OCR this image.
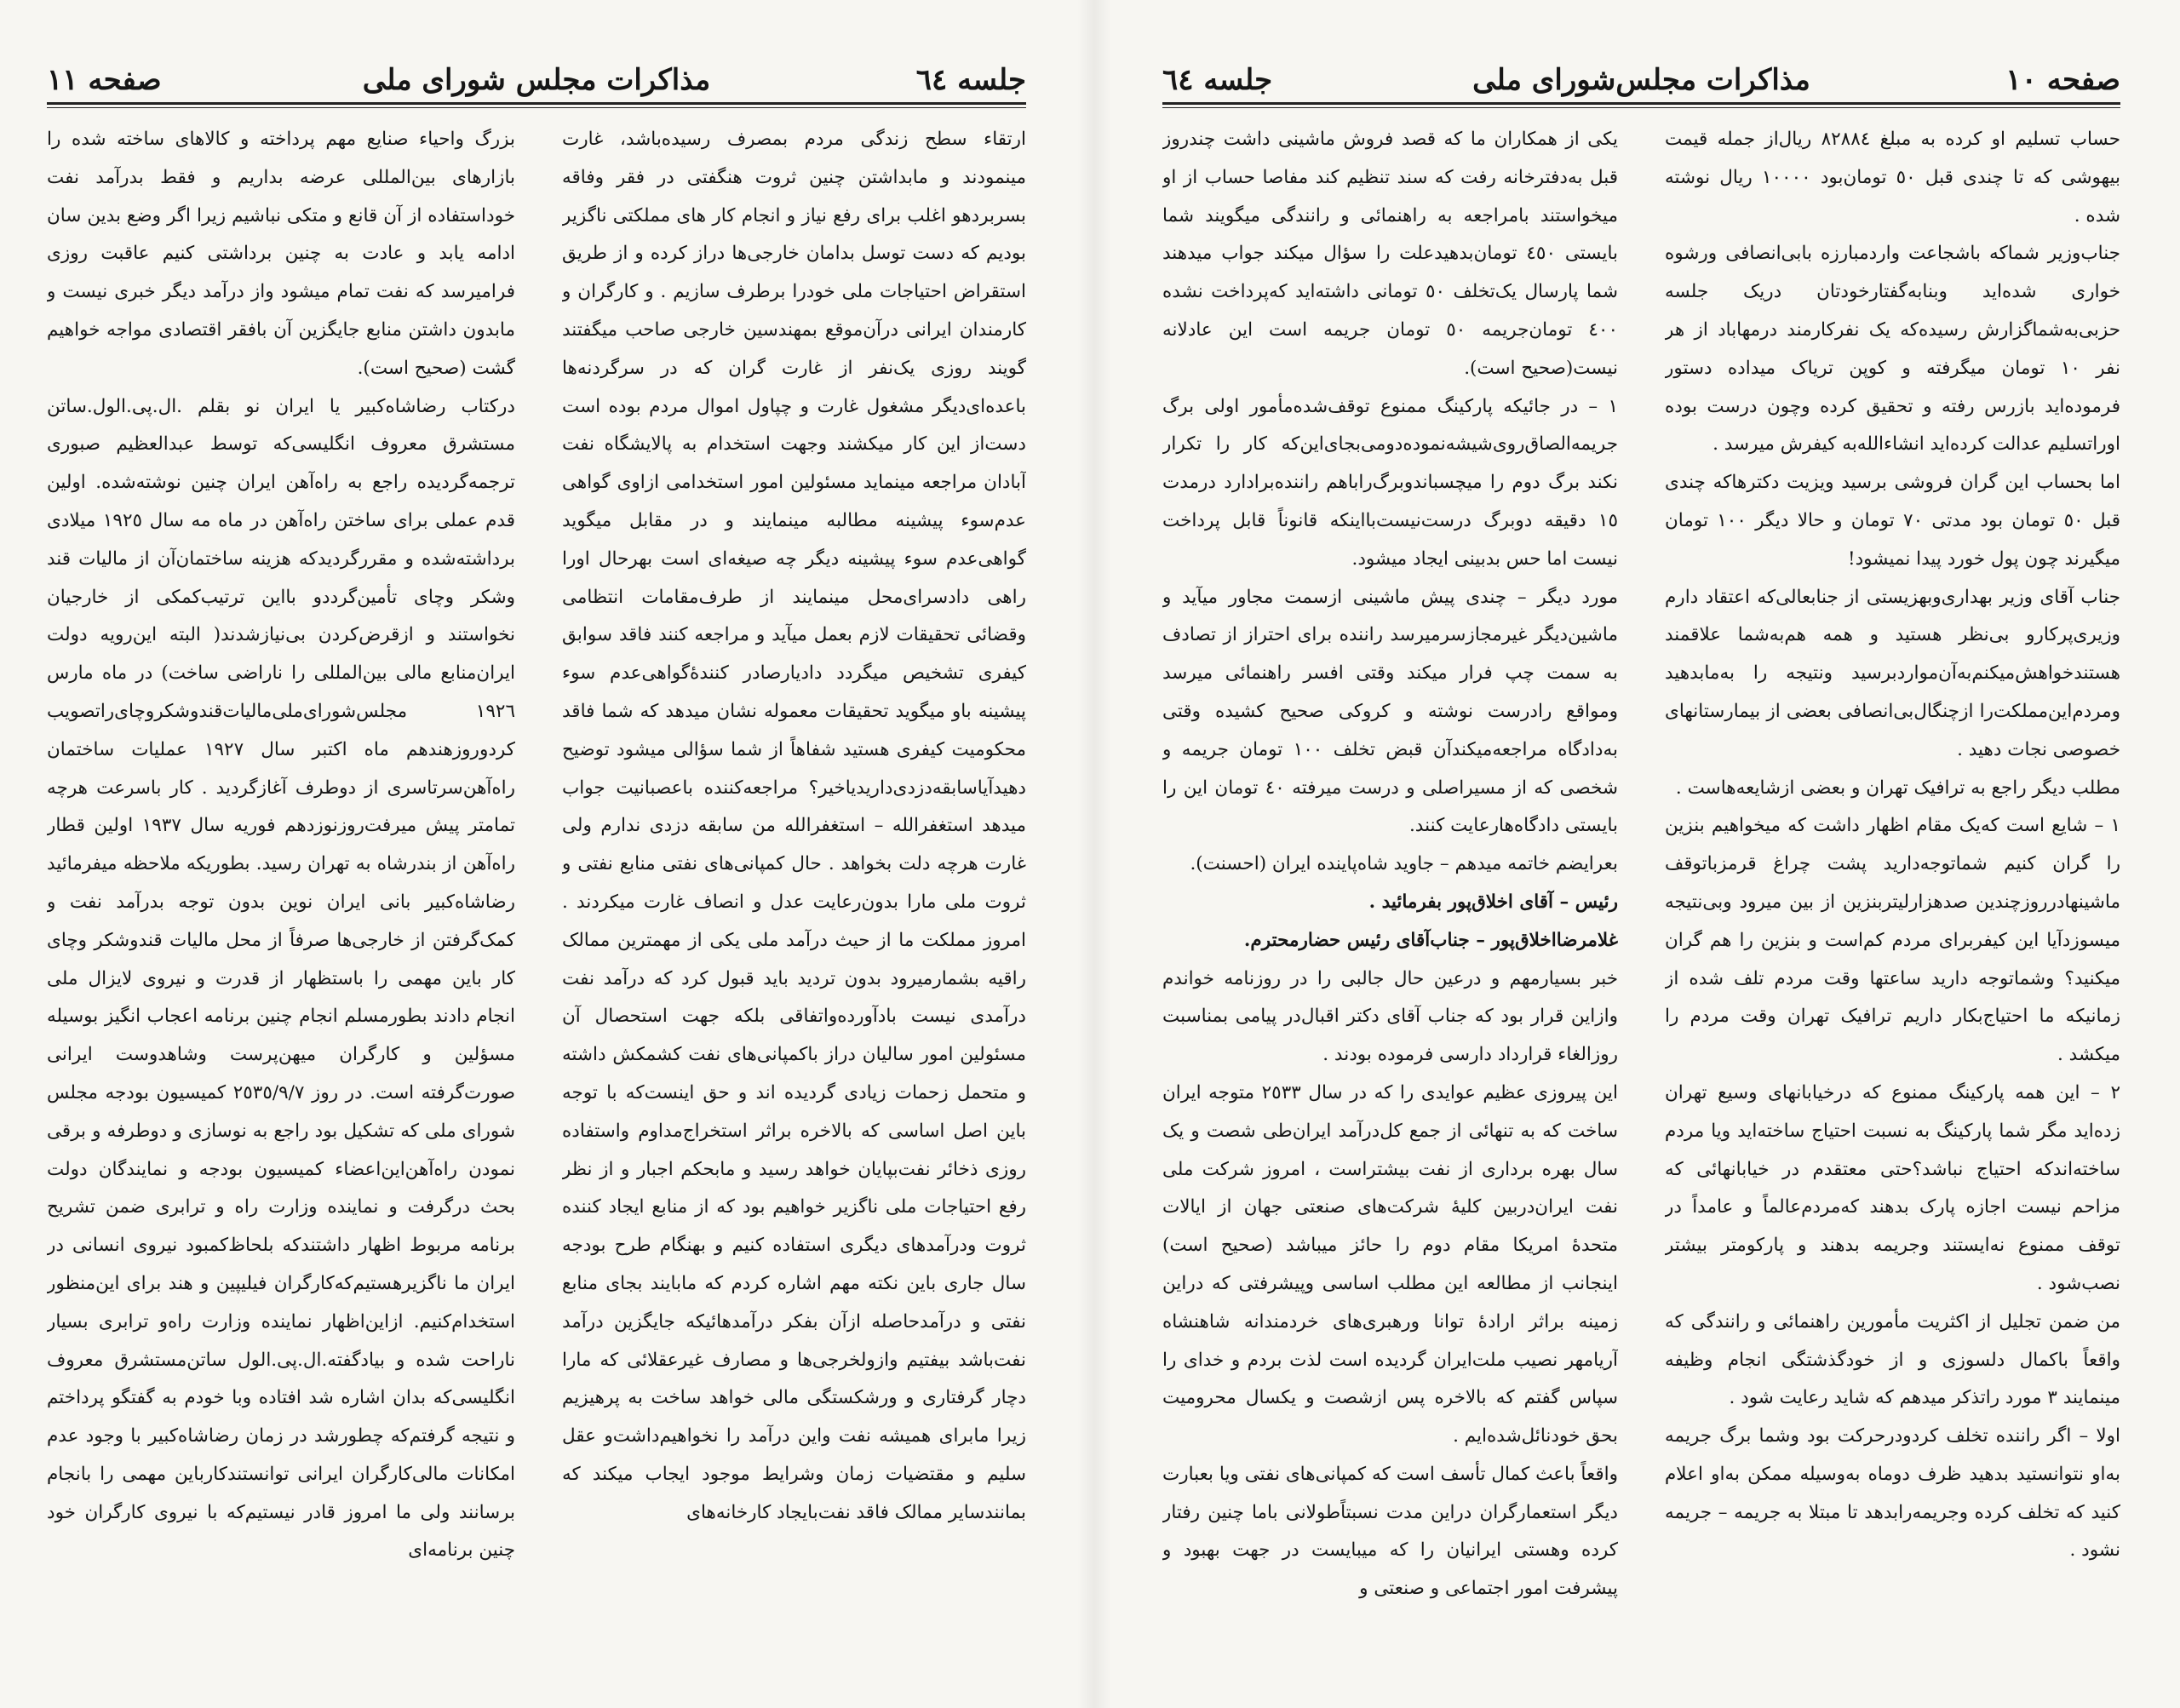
صفحه ۱۰
مذاکرات مجلس‌شورای ملی
جلسه ٦٤

حساب تسلیم او کرده به مبلغ ٨٢٨٨٤ ریال‌از جمله قیمت بیهوشی که تا چندی قبل ٥٠ تومان‌بود ١٠٠٠٠ ریال نوشته شده .

جناب‌وزیر شماکه باشجاعت واردمبارزه بابی‌انصافی ورشوه خواری شده‌اید وبنابه‌گفتارخودتان دریک جلسه حزبی‌به‌شماگزارش رسیده‌که یک نفرکارمند درمهاباد از هر نفر ١٠ تومان میگرفته و کوپن تریاک میداده دستور فرموده‌اید بازرس رفته و تحقیق کرده وچون درست بوده اوراتسلیم عدالت کرده‌اید انشاءالله‌به کیفرش میرسد .

اما بحساب این گران فروشی برسید ویزیت دکترهاکه چندی قبل ٥٠ تومان بود مدتی ٧٠ تومان و حالا دیگر ١٠٠ تومان میگیرند چون پول خورد پیدا نمیشود!

جناب آقای وزیر بهداری‌وبهزیستی از جنابعالی‌که اعتقاد دارم وزیری‌پرکارو بی‌نظر هستید و همه هم‌به‌شما علاقمند هستندخواهش‌میکنم‌به‌آن‌موارد‌برسید ونتیجه را به‌مابدهید ومردم‌این‌مملکت‌را ازچنگال‌بی‌انصافی بعضی از بیمارستانهای خصوصی نجات دهید .

مطلب دیگر راجع به ترافیک تهران و بعضی ازشایعه‌هاست .

١ – شایع است که‌یک مقام اظهار داشت که میخواهیم بنزین را گران کنیم شماتوجه‌دارید پشت چراغ قرمزباتوقف ماشینهادرروزچندین صدهزارلیتربنزین از بین میرود وبی‌نتیجه میسوزدآیا این کیفربرای مردم کم‌است و بنزین را هم گران میکنید؟ وشماتوجه دارید ساعتها وقت مردم تلف شده از زمانیکه ما احتیاج‌بکار داریم ترافیک تهران وقت مردم را میکشد .

٢ – این همه پارکینگ ممنوع که درخیابانهای وسیع تهران زده‌اید مگر شما پارکینگ به نسبت احتیاج ساخته‌اید ویا مردم ساخته‌اندکه احتیاج نباشد؟حتی معتقدم در خیابانهائی که مزاحم نیست اجازه پارک بدهند که‌مردم‌عالماً و عامداً در توقف ممنوع نه‌ایستند وجریمه بدهند و پارکومتر بیشتر نصب‌شود .

من ضمن تجلیل از اکثریت مأمورین راهنمائی و رانندگی که واقعاً باکمال دلسوزی و از خودگذشتگی انجام وظیفه مینمایند ٣ مورد راتذکر میدهم که شاید رعایت شود .

اولا – اگر راننده تخلف کردودرحرکت بود وشما برگ جریمه به‌او نتوانستید بدهید ظرف دوماه به‌وسیله ممکن به‌او اعلام کنید که تخلف کرده وجریمه‌رابدهد تا مبتلا به جریمه – جریمه نشود .

یکی از همکاران ما که قصد فروش ماشینی داشت چندروز قبل به‌دفترخانه رفت که سند تنظیم کند مفاصا حساب از او میخواستند بامراجعه به راهنمائی و رانندگی میگویند شما بایستی ٤٥٠ تومان‌بدهیدعلت را سؤال میکند جواب میدهند شما پارسال یک‌تخلف ٥٠ تومانی داشته‌اید که‌پرداخت نشده ٤٠٠ تومان‌جریمه ٥٠ تومان جریمه است این عادلانه نیست(صحیح است).

١ – در جائیکه پارکینگ ممنوع توقف‌شده‌مأمور اولی برگ جریمه‌الصاق‌روی‌شیشه‌نموده‌دومی‌بجای‌این‌که کار را تکرار نکند برگ دوم را میچسباندوبرگ‌راباهم راننده‌برادارد درمدت ١٥ دقیقه دوبرگ درست‌نیست‌بااینکه قانوناً قابل پرداخت نیست اما حس بدبینی ایجاد میشود.

مورد دیگر – چندی پیش ماشینی ازسمت مجاور میآید و ماشین‌دیگر غیرمجازسرمیرسد راننده برای احتراز از تصادف به سمت چپ فرار میکند وقتی افسر راهنمائی میرسد ومواقع رادرست نوشته و کروکی صحیح کشیده وقتی به‌دادگاه مراجعه‌میکندآن قبض تخلف ١٠٠ تومان جریمه و شخصی که از مسیراصلی و درست میرفته ٤٠ تومان این را بایستی دادگاه‌هارعایت کنند.

بعرایضم خاتمه میدهم – جاوید شاه‌پاینده ایران (احسنت).

رئیس – آقای اخلاق‌پور بفرمائید .

غلامرضااخلاق‌پور – جناب‌آقای رئیس حضارمحترم.

خبر بسیارمهم و درعین حال جالبی را در روزنامه خواندم وازاین قرار بود که جناب آقای دکتر اقبال‌در پیامی بمناسبت روزالغاء قرارداد دارسی فرموده بودند .

این پیروزی عظیم عوایدی را که در سال ٢٥٣٣ متوجه ایران ساخت که به تنهائی از جمع کل‌درآمد ایران‌طی شصت و یک سال بهره برداری از نفت بیشتراست ، امروز شرکت ملی نفت ایران‌دربین کلیهٔ شرکت‌های صنعتی جهان از ایالات متحدهٔ امریکا مقام دوم را حائز میباشد (صحیح است) اینجانب از مطالعه این مطلب اساسی وپیشرفتی که دراین زمینه براثر ارادهٔ توانا ورهبری‌های خردمندانه شاهنشاه آریامهر نصیب ملت‌ایران گردیده است لذت بردم و خدای را سپاس گفتم که بالاخره پس ازشصت و یکسال محرومیت بحق خودنائل‌شده‌ایم .

واقعاً باعث کمال تأسف است که کمپانی‌های نفتی ویا بعبارت دیگر استعمارگران دراین مدت نسبتاًطولانی باما چنین رفتار کرده وهستی ایرانیان را که میبایست در جهت بهبود و پیشرفت امور اجتماعی و صنعتی و

جلسه ٦٤
مذاکرات مجلس شورای ملی
صفحه ۱۱

ارتقاء سطح زندگی مردم بمصرف رسیده‌باشد، غارت مینمودند و مابداشتن چنین ثروت هنگفتی در فقر وفاقه بسربردهو اغلب برای رفع نیاز و انجام کار های مملکتی ناگزیر بودیم که دست توسل بدامان خارجی‌ها دراز کرده و از طریق استقراض احتیاجات ملی خودرا برطرف سازیم . و کارگران و کارمندان ایرانی درآن‌موقع بمهندسین خارجی صاحب میگفتند گویند روزی یک‌نفر از غارت گران که در سرگردنه‌ها باعده‌ای‌دیگر مشغول غارت و چپاول اموال مردم بوده است دست‌از این کار میکشند وجهت استخدام به پالایشگاه نفت آبادان مراجعه مینماید مسئولین امور استخدامی ازاوی گواهی عدم‌سوء پیشینه مطالبه مینمایند و در مقابل میگوید گواهی‌عدم سوء پیشینه دیگر چه صیغه‌ای است بهرحال اورا راهی دادسرای‌محل مینمایند از طرف‌مقامات انتظامی وقضائی تحقیقات لازم بعمل میآید و مراجعه کنند فاقد سوابق کیفری تشخیص میگردد دادیارصادر کنندهٔ‌گواهی‌عدم سوء پیشینه باو میگوید تحقیقات معموله نشان میدهد که شما فاقد محکومیت کیفری هستید شفاهاً از شما سؤالی میشود توضیح دهیدآیاسابقه‌دزدی‌داریدیاخیر؟ مراجعه‌کننده باعصبانیت جواب میدهد استغفرالله – استغفرالله من سابقه دزدی ندارم ولی غارت هرچه دلت بخواهد . حال کمپانی‌های نفتی منابع نفتی و ثروت ملی مارا بدون‌رعایت عدل و انصاف غارت میکردند . امروز مملکت ما از حیث درآمد ملی یکی از مهمترین ممالک راقیه بشمارمیرود بدون تردید باید قبول کرد که درآمد نفت درآمدی نیست بادآورده‌واتفاقی بلکه جهت استحصال آن مسئولین امور سالیان دراز باکمپانی‌های نفت کشمکش داشته و متحمل زحمات زیادی گردیده اند و حق اینست‌که با توجه باین اصل اساسی که بالاخره براثر استخراج‌مداوم واستفاده روزی ذخائر نفت‌بپایان خواهد رسید و مابحکم اجبار و از نظر رفع احتیاجات ملی ناگزیر خواهیم بود که از منابع ایجاد کننده ثروت ودرآمدهای دیگری استفاده کنیم و بهنگام طرح بودجه سال جاری باین نکته مهم اشاره کردم که مابایند بجای منابع نفتی و درآمدحاصله ازآن بفکر درآمدهائیکه جایگزین درآمد نفت‌باشد بیفتیم وازولخرجی‌ها و مصارف غیرعقلائی که مارا دچار گرفتاری و ورشکستگی مالی خواهد ساخت به پرهیزیم زیرا مابرای همیشه نفت واین درآمد را نخواهیم‌داشت‌و عقل سلیم و مقتضیات زمان وشرایط موجود ایجاب میکند که بمانندسایر ممالک فاقد نفت‌بایجاد کارخانه‌های

بزرگ واحیاء صنایع مهم پرداخته و کالاهای ساخته شده را بازارهای بین‌المللی عرضه بداریم و فقط بدرآمد نفت خوداستفاده از آن قانع و متکی نباشیم زیرا اگر وضع بدین سان ادامه یابد و عادت به چنین برداشتی کنیم عاقبت روزی فرامیرسد که نفت تمام میشود واز درآمد دیگر خبری نیست و مابدون داشتن منابع جایگزین آن بافقر اقتصادی مواجه خواهیم گشت (صحیح است).

درکتاب رضاشاه‌کبیر یا ایران نو بقلم .ال.پی.الول.ساتن مستشرق معروف انگلیسی‌که توسط عبدالعظیم صبوری ترجمه‌گردیده راجع به راه‌آهن ایران چنین نوشته‌شده. اولین قدم عملی برای ساختن راه‌آهن در ماه مه سال ١٩٢٥ میلادی برداشته‌شده و مقررگردید‌که هزینه ساختمان‌آن از مالیات قند وشکر وچای تأمین‌گردد‌و بااین ترتیب‌کمکی از خارجیان نخواستند و ازقرض‌کردن بی‌نیازشدند( البته این‌رویه دولت ایران‌منابع مالی بین‌المللی را ناراضی ساخت) در ماه مارس ١٩٢٦ مجلس‌شورای‌ملی‌مالیات‌قندوشکروچای‌راتصویب کردوروزهندهم ماه اکتبر سال ١٩٢٧ عملیات ساختمان راه‌آهن‌سرتاسری از دوطرف آغازگردید . کار باسرعت هرچه تمامتر پیش میرفت‌روزنوزدهم فوریه سال ١٩٣٧ اولین قطار راه‌آهن از بندرشاه به تهران رسید. بطوریکه ملاحظه میفرمائید رضاشاه‌کبیر بانی ایران نوین بدون توجه بدرآمد نفت و کمک‌گرفتن از خارجی‌ها صرفاً از محل مالیات قندوشکر وچای کار باین مهمی را باستظهار از قدرت و نیروی لایزال ملی انجام دادند بطورمسلم انجام چنین برنامه اعجاب انگیز بوسیله مسؤلین و کارگران میهن‌پرست وشاهدوست ایرانی صورت‌گرفته است. در روز ٢٥٣٥/٩/٧ کمیسیون بودجه مجلس شورای ملی که تشکیل بود راجع به نوسازی و دوطرفه و برقی نمودن راه‌آهن‌این‌اعضاء کمیسیون بودجه و نمایندگان دولت بحث درگرفت و نماینده وزارت راه و ترابری ضمن تشریح برنامه مربوط اظهار داشتند‌که بلحاظ‌کمبود نیروی انسانی در ایران ما ناگزیرهستیم‌که‌کارگران فیلیپین و هند برای این‌منظور استخدام‌کنیم. ازاین‌اظهار نماینده وزارت راه‌و ترابری بسیار ناراحت شده و بیادگفته.ال.پی.الول ساتن‌مستشرق معروف انگلیسی‌که بدان اشاره شد افتاده وبا خودم به گفتگو پرداختم و نتیجه گرفتم‌که چطورشد در زمان رضاشاه‌کبیر با وجود عدم امکانات مالی‌کارگران ایرانی توانستندکارباین مهمی را بانجام برسانند ولی ما امروز قادر نیستیم‌که با نیروی کارگران خود چنین برنامه‌ای
